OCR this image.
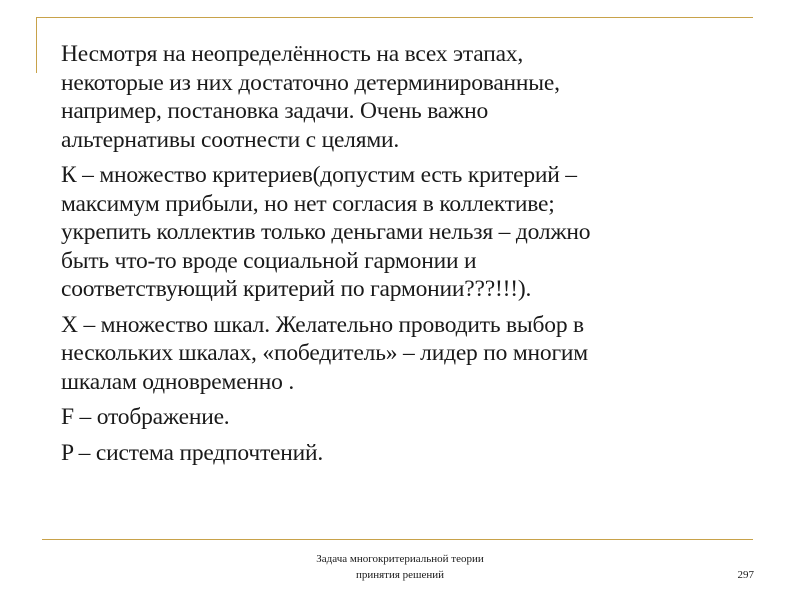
Несмотря на неопределённость на всех этапах,
некоторые из них достаточно детерминированные,
например, постановка задачи. Очень важно
альтернативы соотнести с целями.

К – множество критериев(допустим есть критерий –
максимум прибыли, но нет согласия в коллективе;
укрепить коллектив только деньгами нельзя – должно
быть что-то вроде социальной гармонии и
соответствующий критерий по гармонии???!!!).

X – множество шкал. Желательно проводить выбор в
нескольких шкалах, «победитель» – лидер по многим
шкалам одновременно .

F – отображение.

P – система предпочтений.

Задача многокритериальной теории
принятия решений	297
